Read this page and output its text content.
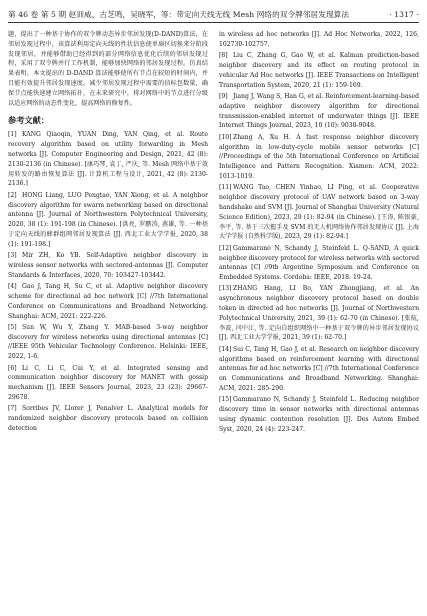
第 46 卷 第 5 期 赵训威，古芝鸣，吴晓军，等：带定向天线无线 Mesh 网络的双令牌邻居发现算法	· 1317 ·

题，提出了一种基于协作的双令牌动态异步邻居发现(D-DAND)算法，在邻居发现过程中，该算法利用定向天线的性状信息使单扇区切换来分阶段发现邻居，并能够借助已经得到的部分网络信息优化后续的邻居发现过程，采用了双令牌并行工作机制，能够加快网络的邻居发现过程。仿真结果表明，本文提出的 D-DAND 算法能够使所有节点在较短的时间内，并且能有效提升邻居发现速度。减少邻居发现过程中需要的信标包数量，确保节点能快速建立网络拓扑，在未来研究中，将对网络中的节点进行分级以适应网络的动态性变化，提高网络的修复性。

参考文献：
[1] KANG Qiaoqin, YUAN Ding, YAN Qing, et al. Route recovery algorithm based on utility forwarding in Mesh networks [J]. Computer Engineering and Design, 2021, 42 (8): 2130-2136 (in Chinese). [康巧琴, 袁丁, 严庆, 等. Mesh 网络中基于效用转发的路由恢复算法 [J]. 计算机工程与设计, 2021, 42 (8): 2130-2136.]
[2] HONG Liang, LUO Pengtao, YAN Xiong, et al. A neighbor discovery algorithm for swarm networking based on directional antenna [J]. Journal of Northwestern Polytechnical University, 2020, 38 (1): 191-198 (in Chinese). [洪亮, 罗鹏涛, 燕雄, 等. 一种基于定向天线的蜂群组网邻居发现算法 [J]. 西北工业大学学报, 2020, 38 (1): 191-198.]
[3] Mir ZH, Ko YB. Self-Adaptive neighbor discovery in wireless sensor networks with sectored-antennas [J]. Computer Standards & Interfaces, 2020, 70: 103427-103442.
[4] Gao J, Tang H, Su C, et al. Adaptive neighbor discovery scheme for directional ad hoc network [C] //7th International Conference on Communications and Broadband Networking. Shanghai: ACM, 2021: 222-226.
[5] Sun W, Wu Y, Zhang Y. MAB-based 3-way neighbor discovery for wireless networks using directional antennas [C] //IEEE 95th Vehicular Technology Conference. Helsinki: IEEE, 2022, 1-6.
[6] Li C, Li C, Cui Y, et al. Integrated sensing and communication neighbor discovery for MANET with gossip mechanism [J]. IEEE Sensors Journal, 2023, 23 (23): 29667-29678.
[7] Sorribes JV, Llorer J, Penalver L. Analytical models for randomized neighbor discovery protocols based on collision detection
in wireless ad hoc networks [J]. Ad Hoc Networks, 2022, 126, 102730-102757.
[8] Liu C, Zhang G, Gao W, et al. Kalman prediction-based neighbor discovery and its effect on routing protocol in vehicular Ad Hoc networks [J]. IEEE Transactions on Intelligent Transportation System, 2020, 21 (1): 159-169.
[9] Jiang J, Wang S, Han G, et al. Reinforcement-learning-based adaptive neighbor discovery algorithm for directional transmission-enabled internet of underwater things [J]. IEEE Internet Things Journal, 2023, 10 (10): 9038-9048.
[10]Zhang A, Xu H. A fast response neighbor discovery algorithm in low-duty-cycle mobile sensor networks [C] //Proceedings of the 5th International Conference on Artificial Intelligence and Pattern Recognition. Xiamen: ACM, 2022: 1013-1019.
[11]WANG Tao, CHEN Yinhao, LI Ping, et al. Cooperative neighbor discovery protocol of UAV network based on 3-way handshake and SVM [J]. Journal of Shanghai University (Natural Science Edition), 2023, 29 (1): 82-94 (in Chinese). [王涛, 陈银豪, 李平, 等. 基于三次握手及 SVM 的无人机网络协作邻居发现协议 [J]. 上海大学学报 (自然科学版), 2023, 29 (1): 82-94.]
[12]Gammarano N, Schandy J, Steinfeld L. Q-SAND, A quick neighbor discovery protocol for wireless networks with sectored antennas [C] //9th Argentine Symposium and Conference on Embedded Systems. Cordoba: IEEE, 2018: 19-24.
[13]ZHANG Hang, LI Bo, YAN Zhongjiang, et al. An asynchronous neighbor discovery protocol based on double token in directed ad hoc networks [J]. Journal of Northwestern Polytechnical University, 2021, 39 (1): 62-70 (in Chinese). [张航, 李波, 闫中江, 等. 定向自组织网络中一种基于双令牌的异步邻居发现协议 [J]. 西北工业大学学报, 2021, 39 (1): 62-70.]
[14]Sui C, Tang H, Gao J, et al. Research on neighbor discovery algorithms based on reinforcement learning with directional antennas for ad hoc networks [C] //7th International Conference on Communications and Broadband Networking. Shanghai: ACM, 2021: 285-290.
[15]Gammarano N, Schandy J, Steinfeld L. Reducing neighbor discovery time in sensor networks with directional antennas using dynamic contention resolution [J]. Des Autom Embed Syst, 2020, 24 (4): 223-247.
